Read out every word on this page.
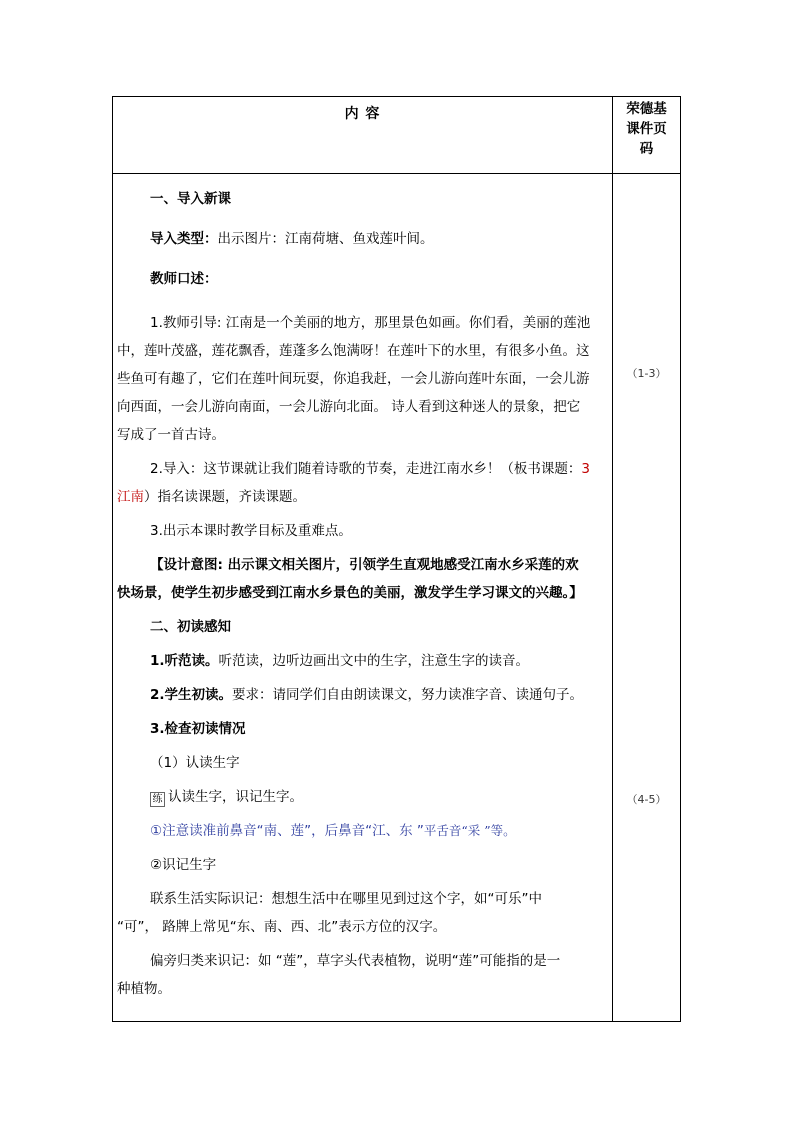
内 容	荣德基
课件页
码
（1-3）
（4-5）

一、导入新课

导入类型：出示图片：江南荷塘、鱼戏莲叶间。

教师口述：

1.教师引导: 江南是一个美丽的地方，那里景色如画。你们看，美丽的莲池

中，莲叶茂盛，莲花飘香，莲蓬多么饱满呀！在莲叶下的水里，有很多小鱼。这

些鱼可有趣了，它们在莲叶间玩耍，你追我赶，一会儿游向莲叶东面，一会儿游

向西面，一会儿游向南面，一会儿游向北面。 诗人看到这种迷人的景象，把它

写成了一首古诗。

2.导入：这节课就让我们随着诗歌的节奏，走进江南水乡！（板书课题：3

江南）指名读课题，齐读课题。

3.出示本课时教学目标及重难点。

【设计意图: 出示课文相关图片，引领学生直观地感受江南水乡采莲的欢

快场景，使学生初步感受到江南水乡景色的美丽，激发学生学习课文的兴趣。】

二、初读感知

1.听范读。听范读，边听边画出文中的生字，注意生字的读音。

2.学生初读。要求：请同学们自由朗读课文，努力读准字音、读通句子。

3.检查初读情况

（1）认读生字

练 认读生字，识记生字。

①注意读准前鼻音“南、莲”，后鼻音“江、东 ”平舌音“采 ”等。

②识记生字

联系生活实际识记：想想生活中在哪里见到过这个字，如“可乐”中

“可”， 路牌上常见“东、南、西、北”表示方位的汉字。

偏旁归类来识记：如 “莲”，草字头代表植物，说明“莲”可能指的是一

种植物。
